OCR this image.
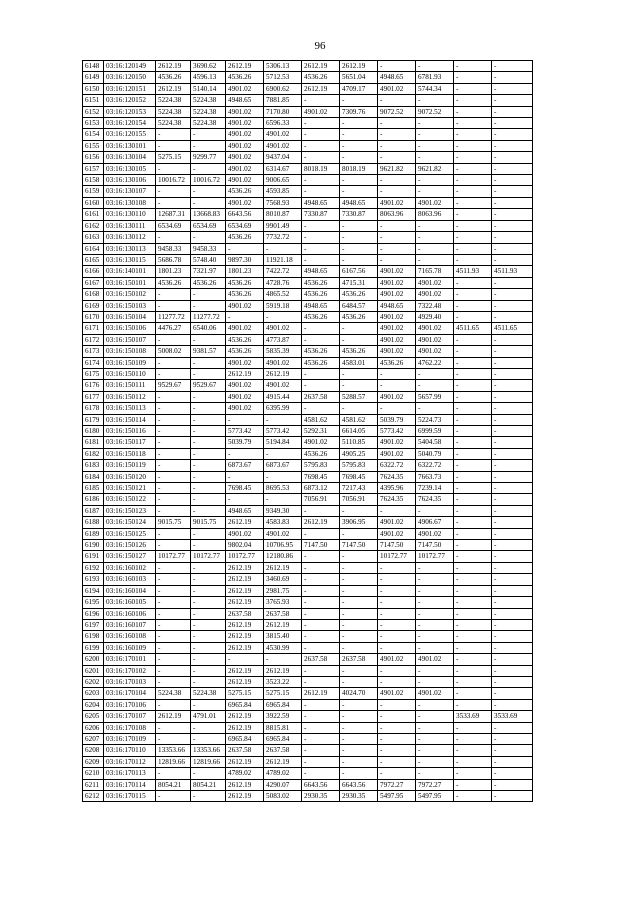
96
6148	03:16:120149	2612.19	3690.62	2612.19	5306.13	2612.19	2612.19	-	-	-	-
6149	03:16:120150	4536.26	4596.13	4536.26	5712.53	4536.26	5651.04	4948.65	6781.93	-	-
6150	03:16:120151	2612.19	5140.14	4901.02	6900.62	2612.19	4709.17	4901.02	5744.34	-	-
6151	03:16:120152	5224.38	5224.38	4948.65	7881.85	-	-	-	-	-	-
6152	03:16:120153	5224.38	5224.38	4901.02	7170.80	4901.02	7309.76	9072.52	9072.52	-	-
6153	03:16:120154	5224.38	5224.38	4901.02	6596.33	-	-	-	-	-	-
6154	03:16:120155	-	-	4901.02	4901.02	-	-	-	-	-	-
6155	03:16:130101	-	-	4901.02	4901.02	-	-	-	-	-	-
6156	03:16:130104	5275.15	9299.77	4901.02	9437.04	-	-	-	-	-	-
6157	03:16:130105	-	-	4901.02	6314.67	8018.19	8018.19	9621.82	9621.82	-	-
6158	03:16:130106	10016.72	10016.72	4901.02	9006.65	-	-	-	-	-	-
6159	03:16:130107	-	-	4536.26	4593.85	-	-	-	-	-	-
6160	03:16:130108	-	-	4901.02	7568.93	4948.65	4948.65	4901.02	4901.02	-	-
6161	03:16:130110	12687.31	13668.83	6643.56	8010.87	7330.87	7330.87	8063.96	8063.96	-	-
6162	03:16:130111	6534.69	6534.69	6534.69	9901.49	-	-	-	-	-	-
6163	03:16:130112	-	-	4536.26	7732.72	-	-	-	-	-	-
6164	03:16:130113	9458.33	9458.33	-	-	-	-	-	-	-	-
6165	03:16:130115	5686.78	5748.40	9897.30	11921.18	-	-	-	-	-	-
6166	03:16:140101	1801.23	7321.97	1801.23	7422.72	4948.65	6167.56	4901.02	7165.78	4511.93	4511.93
6167	03:16:150101	4536.26	4536.26	4536.26	4728.76	4536.26	4715.31	4901.02	4901.02	-	-
6168	03:16:150102	-	-	4536.26	4865.52	4536.26	4536.26	4901.02	4901.02	-	-
6169	03:16:150103	-	-	4901.02	5919.18	4948.65	6484.57	4948.65	7322.48	-	-
6170	03:16:150104	11277.72	11277.72	-	-	4536.26	4536.26	4901.02	4929.40	-	-
6171	03:16:150106	4476.27	6540.06	4901.02	4901.02	-	-	4901.02	4901.02	4511.65	4511.65
6172	03:16:150107	-	-	4536.26	4773.87	-	-	4901.02	4901.02	-	-
6173	03:16:150108	5008.02	9381.57	4536.26	5835.39	4536.26	4536.26	4901.02	4901.02	-	-
6174	03:16:150109	-	-	4901.02	4901.02	4536.26	4583.01	4536.26	4762.22	-	-
6175	03:16:150110	-	-	2612.19	2612.19	-	-	-	-	-	-
6176	03:16:150111	9529.67	9529.67	4901.02	4901.02	-	-	-	-	-	-
6177	03:16:150112	-	-	4901.02	4915.44	2637.58	5288.57	4901.02	5657.99	-	-
6178	03:16:150113	-	-	4901.02	6395.99	-	-	-	-	-	-
6179	03:16:150114	-	-	-	-	4581.62	4581.62	5039.79	5224.73	-	-
6180	03:16:150116	-	-	5773.42	5773.42	5292.31	6614.05	5773.42	6999.59	-	-
6181	03:16:150117	-	-	5039.79	5194.84	4901.02	5110.85	4901.02	5404.58	-	-
6182	03:16:150118	-	-	-	-	4536.26	4905.25	4901.02	5040.79	-	-
6183	03:16:150119	-	-	6873.67	6873.67	5795.83	5795.83	6322.72	6322.72	-	-
6184	03:16:150120	-	-	-	-	7698.45	7698.45	7624.35	7663.73	-	-
6185	03:16:150121	-	-	7698.45	8695.53	6873.12	7217.43	4395.96	7239.14	-	-
6186	03:16:150122	-	-	-	-	7056.91	7056.91	7624.35	7624.35	-	-
6187	03:16:150123	-	-	4948.65	9349.30	-	-	-	-	-	-
6188	03:16:150124	9015.75	9015.75	2612.19	4583.83	2612.19	3906.95	4901.02	4906.67	-	-
6189	03:16:150125	-	-	4901.02	4901.02	-	-	4901.02	4901.02	-	-
6190	03:16:150126	-	-	9802.04	10706.95	7147.50	7147.50	7147.50	7147.50	-	-
6191	03:16:150127	10172.77	10172.77	10172.77	12180.86	-	-	10172.77	10172.77	-	-
6192	03:16:160102	-	-	2612.19	2612.19	-	-	-	-	-	-
6193	03:16:160103	-	-	2612.19	3460.69	-	-	-	-	-	-
6194	03:16:160104	-	-	2612.19	2981.75	-	-	-	-	-	-
6195	03:16:160105	-	-	2612.19	3765.93	-	-	-	-	-	-
6196	03:16:160106	-	-	2637.58	2637.58	-	-	-	-	-	-
6197	03:16:160107	-	-	2612.19	2612.19	-	-	-	-	-	-
6198	03:16:160108	-	-	2612.19	3815.40	-	-	-	-	-	-
6199	03:16:160109	-	-	2612.19	4530.99	-	-	-	-	-	-
6200	03:16:170101	-	-	-	-	2637.58	2637.58	4901.02	4901.02	-	-
6201	03:16:170102	-	-	2612.19	2612.19	-	-	-	-	-	-
6202	03:16:170103	-	-	2612.19	3523.22	-	-	-	-	-	-
6203	03:16:170104	5224.38	5224.38	5275.15	5275.15	2612.19	4024.70	4901.02	4901.02	-	-
6204	03:16:170106	-	-	6965.84	6965.84	-	-	-	-	-	-
6205	03:16:170107	2612.19	4791.01	2612.19	3922.59	-	-	-	-	3533.69	3533.69
6206	03:16:170108	-	-	2612.19	8815.81	-	-	-	-	-	-
6207	03:16:170109	-	-	6965.84	6965.84	-	-	-	-	-	-
6208	03:16:170110	13353.66	13353.66	2637.58	2637.58	-	-	-	-	-	-
6209	03:16:170112	12819.66	12819.66	2612.19	2612.19	-	-	-	-	-	-
6210	03:16:170113	-	-	4789.02	4789.02	-	-	-	-	-	-
6211	03:16:170114	8054.21	8054.21	2612.19	4290.07	6643.56	6643.56	7972.27	7972.27	-	-
6212	03:16:170115	-	-	2612.19	5083.02	2930.35	2930.35	5497.95	5497.95	-	-
